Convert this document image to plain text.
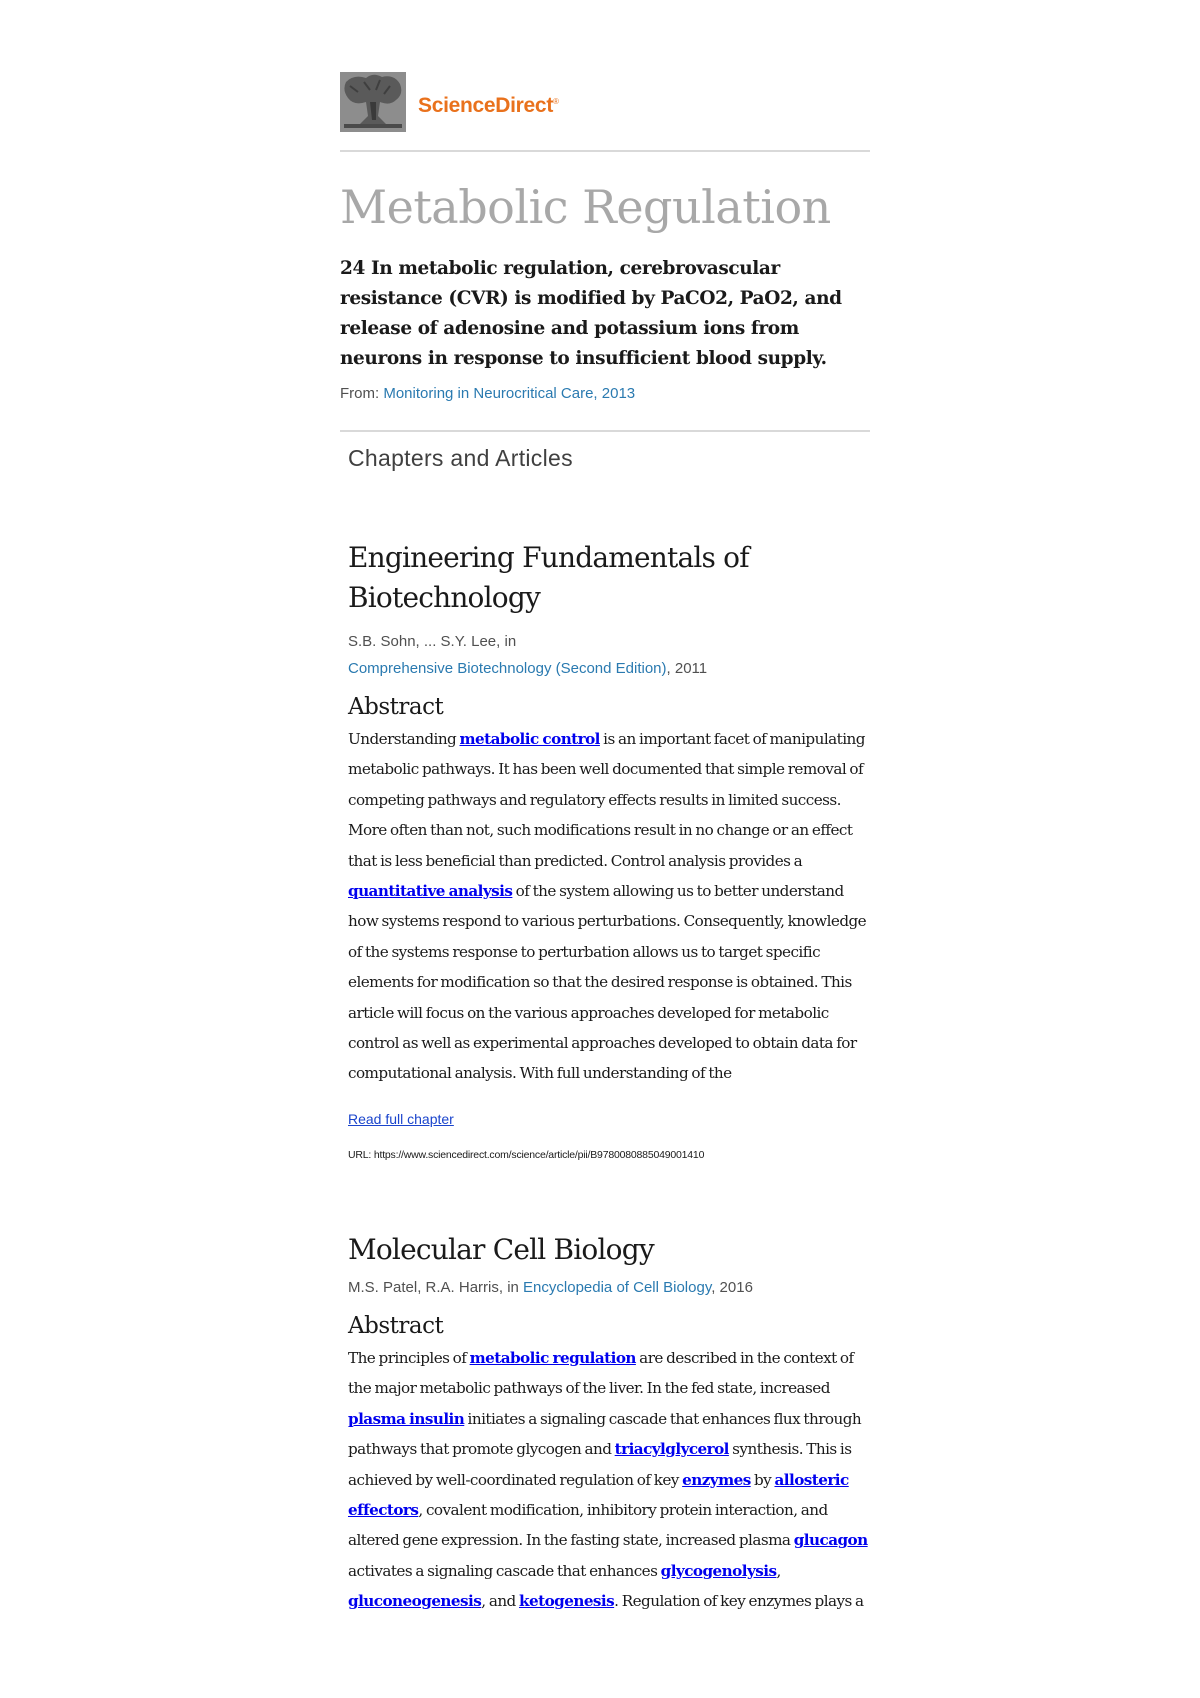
ScienceDirect®
Metabolic Regulation

24 In metabolic regulation, cerebrovascular resistance (CVR) is modified by PaCO2, PaO2, and release of adenosine and potassium ions from neurons in response to insufficient blood supply.

From: Monitoring in Neurocritical Care, 2013
Chapters and Articles
Engineering Fundamentals of Biotechnology
S.B. Sohn, ... S.Y. Lee, in
Comprehensive Biotechnology (Second Edition), 2011
Abstract

Understanding metabolic control is an important facet of manipulating metabolic pathways. It has been well documented that simple removal of competing pathways and regulatory effects results in limited success. More often than not, such modifications result in no change or an effect that is less beneficial than predicted. Control analysis provides a quantitative analysis of the system allowing us to better understand how systems respond to various perturbations. Consequently, knowledge of the systems response to perturbation allows us to target specific elements for modification so that the desired response is obtained. This article will focus on the various approaches developed for metabolic control as well as experimental approaches developed to obtain data for computational analysis. With full understanding of the

Read full chapter
URL: https://www.sciencedirect.com/science/article/pii/B9780080885049001410
Molecular Cell Biology
M.S. Patel, R.A. Harris, in Encyclopedia of Cell Biology, 2016
Abstract

The principles of metabolic regulation are described in the context of the major metabolic pathways of the liver. In the fed state, increased plasma insulin initiates a signaling cascade that enhances flux through pathways that promote glycogen and triacylglycerol synthesis. This is achieved by well-coordinated regulation of key enzymes by allosteric effectors, covalent modification, inhibitory protein interaction, and altered gene expression. In the fasting state, increased plasma glucagon activates a signaling cascade that enhances glycogenolysis, gluconeogenesis, and ketogenesis. Regulation of key enzymes plays a
